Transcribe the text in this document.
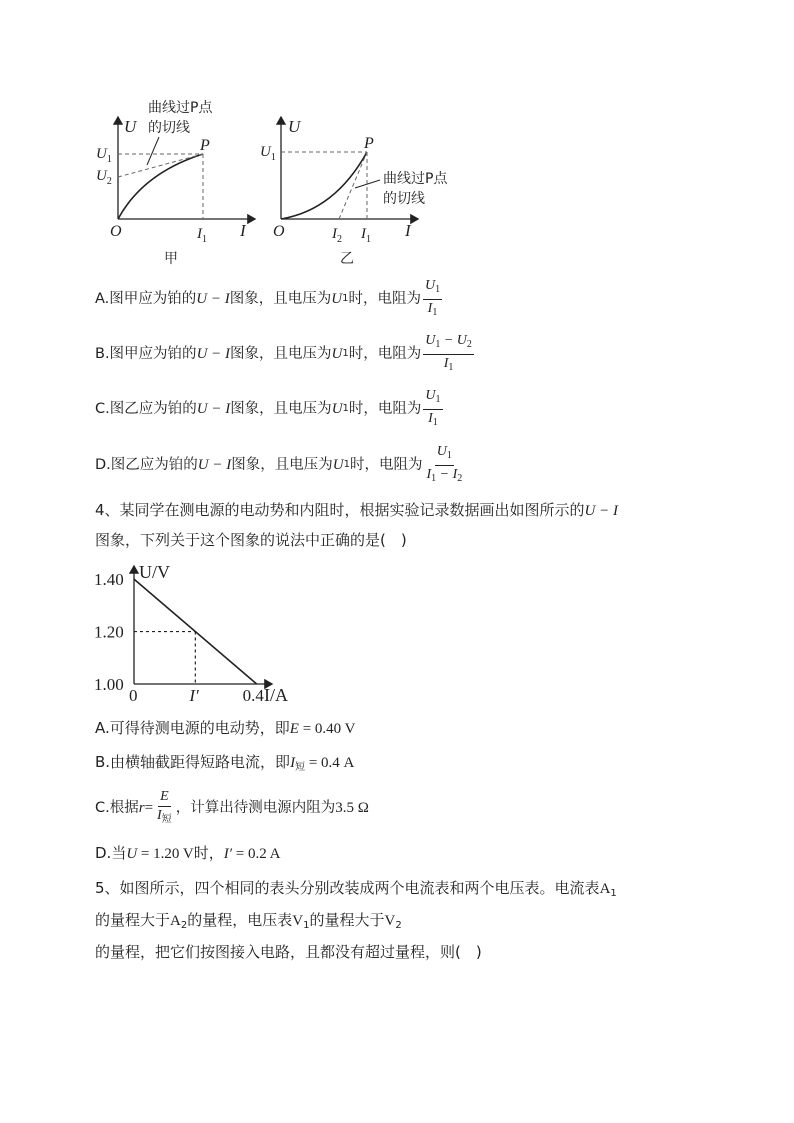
U
I
O
P
$U_1$
$U_2$
$I_1$
曲线过P点
的切线
甲
U
I
O
P
$U_1$
$I_2$ $I_1$
曲线过P点
的切线
乙
A.图甲应为铂的 U − I 图象，且电压为 U 1 时，电阻为 $\frac{U_1}{I_1}$
B.图甲应为铂的 U − I 图象，且电压为 U 1 时，电阻为 $\frac{U_1 - U_2}{I_1}$
C.图乙应为铂的 U − I 图象，且电压为 U 1 时，电阻为 $\frac{U_1}{I_1}$
D.图乙应为铂的 U − I 图象，且电压为 U 1 时，电阻为 $\frac{U_1}{I_1 - I_2}$
4、某同学在测电源的电动势和内阻时，根据实验记录数据画出如图所示的U − I
图象，下列关于这个图象的说法中正确的是(　)
1.00
1.20
1.40
0	0.4
I′
U/V
I/A
A.可得待测电源的电动势，即E = 0.40 V
B.由横轴截距得短路电流，即$I_短 = 0.4$ A
C.根据 $r = \frac{E}{I_短}$ ，计算出待测电源内阻为 3.5 Ω
D.当U = 1.20 V时，I′ = 0.2 A
5、如图所示，四个相同的表头分别改装成两个电流表和两个电压表。电流表$A_1$
的量程大于$A_2$的量程，电压表$V_1$的量程大于$V_2$
的量程，把它们按图接入电路，且都没有超过量程，则(　)
